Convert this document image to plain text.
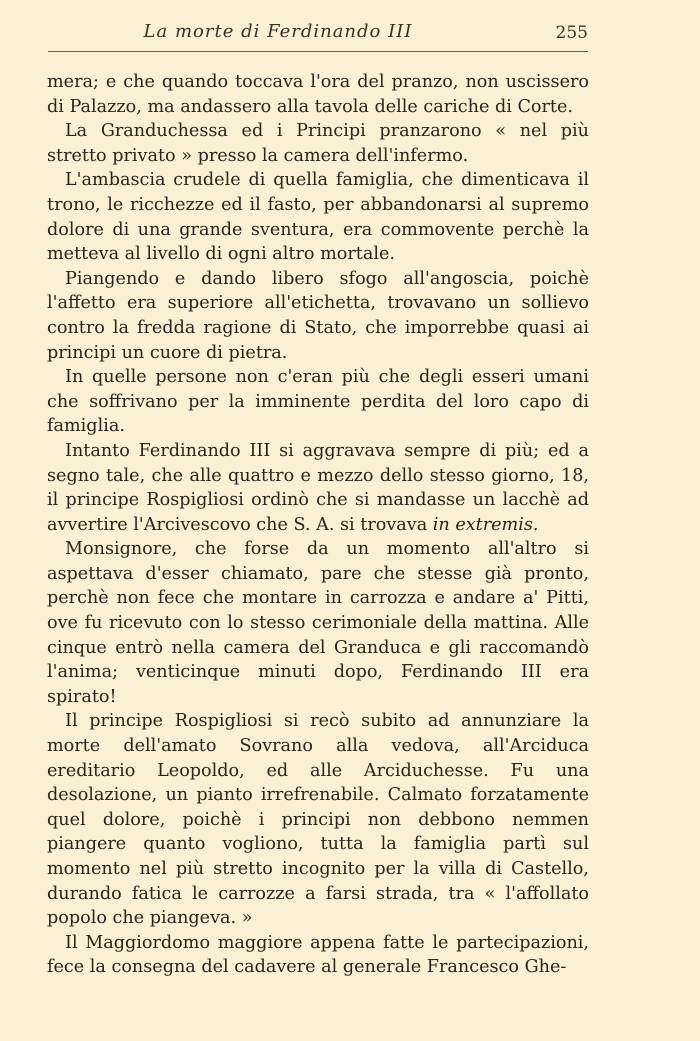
La morte di Ferdinando III	255

mera; e che quando toccava l'ora del pranzo, non uscissero di Palazzo, ma andassero alla tavola delle cariche di Corte.

La Granduchessa ed i Principi pranzarono « nel più stretto privato » presso la camera dell'infermo.

L'ambascia crudele di quella famiglia, che dimenticava il trono, le ricchezze ed il fasto, per abbandonarsi al supremo dolore di una grande sventura, era commovente perchè la metteva al livello di ogni altro mortale.

Piangendo e dando libero sfogo all'angoscia, poichè l'affetto era superiore all'etichetta, trovavano un sollievo contro la fredda ragione di Stato, che imporrebbe quasi ai principi un cuore di pietra.

In quelle persone non c'eran più che degli esseri umani che soffrivano per la imminente perdita del loro capo di famiglia.

Intanto Ferdinando III si aggravava sempre di più; ed a segno tale, che alle quattro e mezzo dello stesso giorno, 18, il principe Rospigliosi ordinò che si mandasse un lacchè ad avvertire l'Arcivescovo che S. A. si trovava in extremis.

Monsignore, che forse da un momento all'altro si aspettava d'esser chiamato, pare che stesse già pronto, perchè non fece che montare in carrozza e andare a' Pitti, ove fu ricevuto con lo stesso cerimoniale della mattina. Alle cinque entrò nella camera del Granduca e gli raccomandò l'anima; venticinque minuti dopo, Ferdinando III era spirato!

Il principe Rospigliosi si recò subito ad annunziare la morte dell'amato Sovrano alla vedova, all'Arciduca ereditario Leopoldo, ed alle Arciduchesse. Fu una desolazione, un pianto irrefrenabile. Calmato forzatamente quel dolore, poichè i principi non debbono nemmen piangere quanto vogliono, tutta la famiglia partì sul momento nel più stretto incognito per la villa di Castello, durando fatica le carrozze a farsi strada, tra « l'affollato popolo che piangeva. »

Il Maggiordomo maggiore appena fatte le partecipazioni, fece la consegna del cadavere al generale Francesco Ghe-
